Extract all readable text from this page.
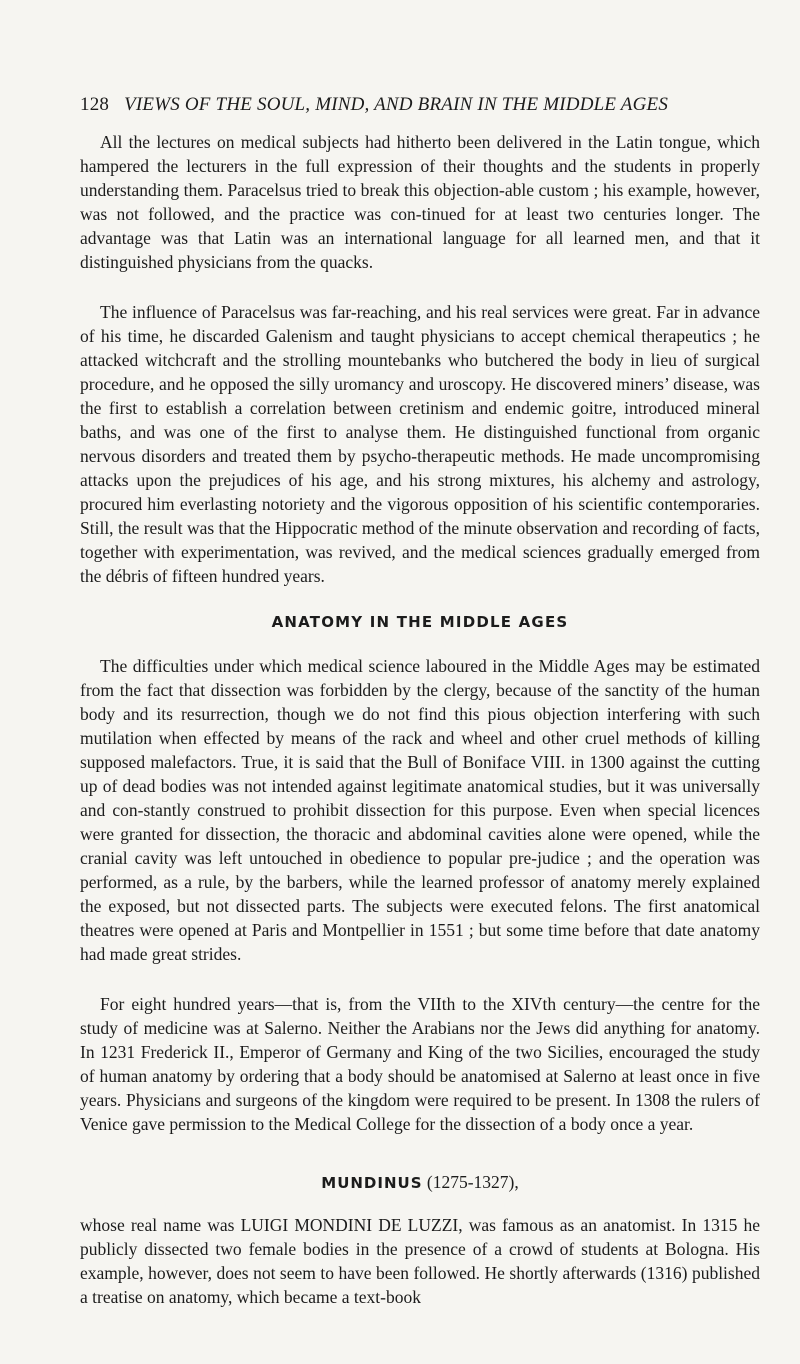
128 VIEWS OF THE SOUL, MIND, AND BRAIN IN THE MIDDLE AGES

All the lectures on medical subjects had hitherto been delivered in the Latin tongue, which hampered the lecturers in the full expression of their thoughts and the students in properly understanding them. Paracelsus tried to break this objection-able custom ; his example, however, was not followed, and the practice was con-tinued for at least two centuries longer. The advantage was that Latin was an international language for all learned men, and that it distinguished physicians from the quacks.

The influence of Paracelsus was far-reaching, and his real services were great. Far in advance of his time, he discarded Galenism and taught physicians to accept chemical therapeutics ; he attacked witchcraft and the strolling mountebanks who butchered the body in lieu of surgical procedure, and he opposed the silly uromancy and uroscopy. He discovered miners’ disease, was the first to establish a correlation between cretinism and endemic goitre, introduced mineral baths, and was one of the first to analyse them. He distinguished functional from organic nervous disorders and treated them by psycho-therapeutic methods. He made uncompromising attacks upon the prejudices of his age, and his strong mixtures, his alchemy and astrology, procured him everlasting notoriety and the vigorous opposition of his scientific contemporaries. Still, the result was that the Hippocratic method of the minute observation and recording of facts, together with experimentation, was revived, and the medical sciences gradually emerged from the débris of fifteen hundred years.

ANATOMY IN THE MIDDLE AGES

The difficulties under which medical science laboured in the Middle Ages may be estimated from the fact that dissection was forbidden by the clergy, because of the sanctity of the human body and its resurrection, though we do not find this pious objection interfering with such mutilation when effected by means of the rack and wheel and other cruel methods of killing supposed malefactors. True, it is said that the Bull of Boniface VIII. in 1300 against the cutting up of dead bodies was not intended against legitimate anatomical studies, but it was universally and con-stantly construed to prohibit dissection for this purpose. Even when special licences were granted for dissection, the thoracic and abdominal cavities alone were opened, while the cranial cavity was left untouched in obedience to popular pre-judice ; and the operation was performed, as a rule, by the barbers, while the learned professor of anatomy merely explained the exposed, but not dissected parts. The subjects were executed felons. The first anatomical theatres were opened at Paris and Montpellier in 1551 ; but some time before that date anatomy had made great strides.

For eight hundred years—that is, from the VIIth to the XIVth century—the centre for the study of medicine was at Salerno. Neither the Arabians nor the Jews did anything for anatomy. In 1231 Frederick II., Emperor of Germany and King of the two Sicilies, encouraged the study of human anatomy by ordering that a body should be anatomised at Salerno at least once in five years. Physicians and surgeons of the kingdom were required to be present. In 1308 the rulers of Venice gave permission to the Medical College for the dissection of a body once a year.

MUNDINUS (1275-1327),

whose real name was LUIGI MONDINI DE LUZZI, was famous as an anatomist. In 1315 he publicly dissected two female bodies in the presence of a crowd of students at Bologna. His example, however, does not seem to have been followed. He shortly afterwards (1316) published a treatise on anatomy, which became a text-book
